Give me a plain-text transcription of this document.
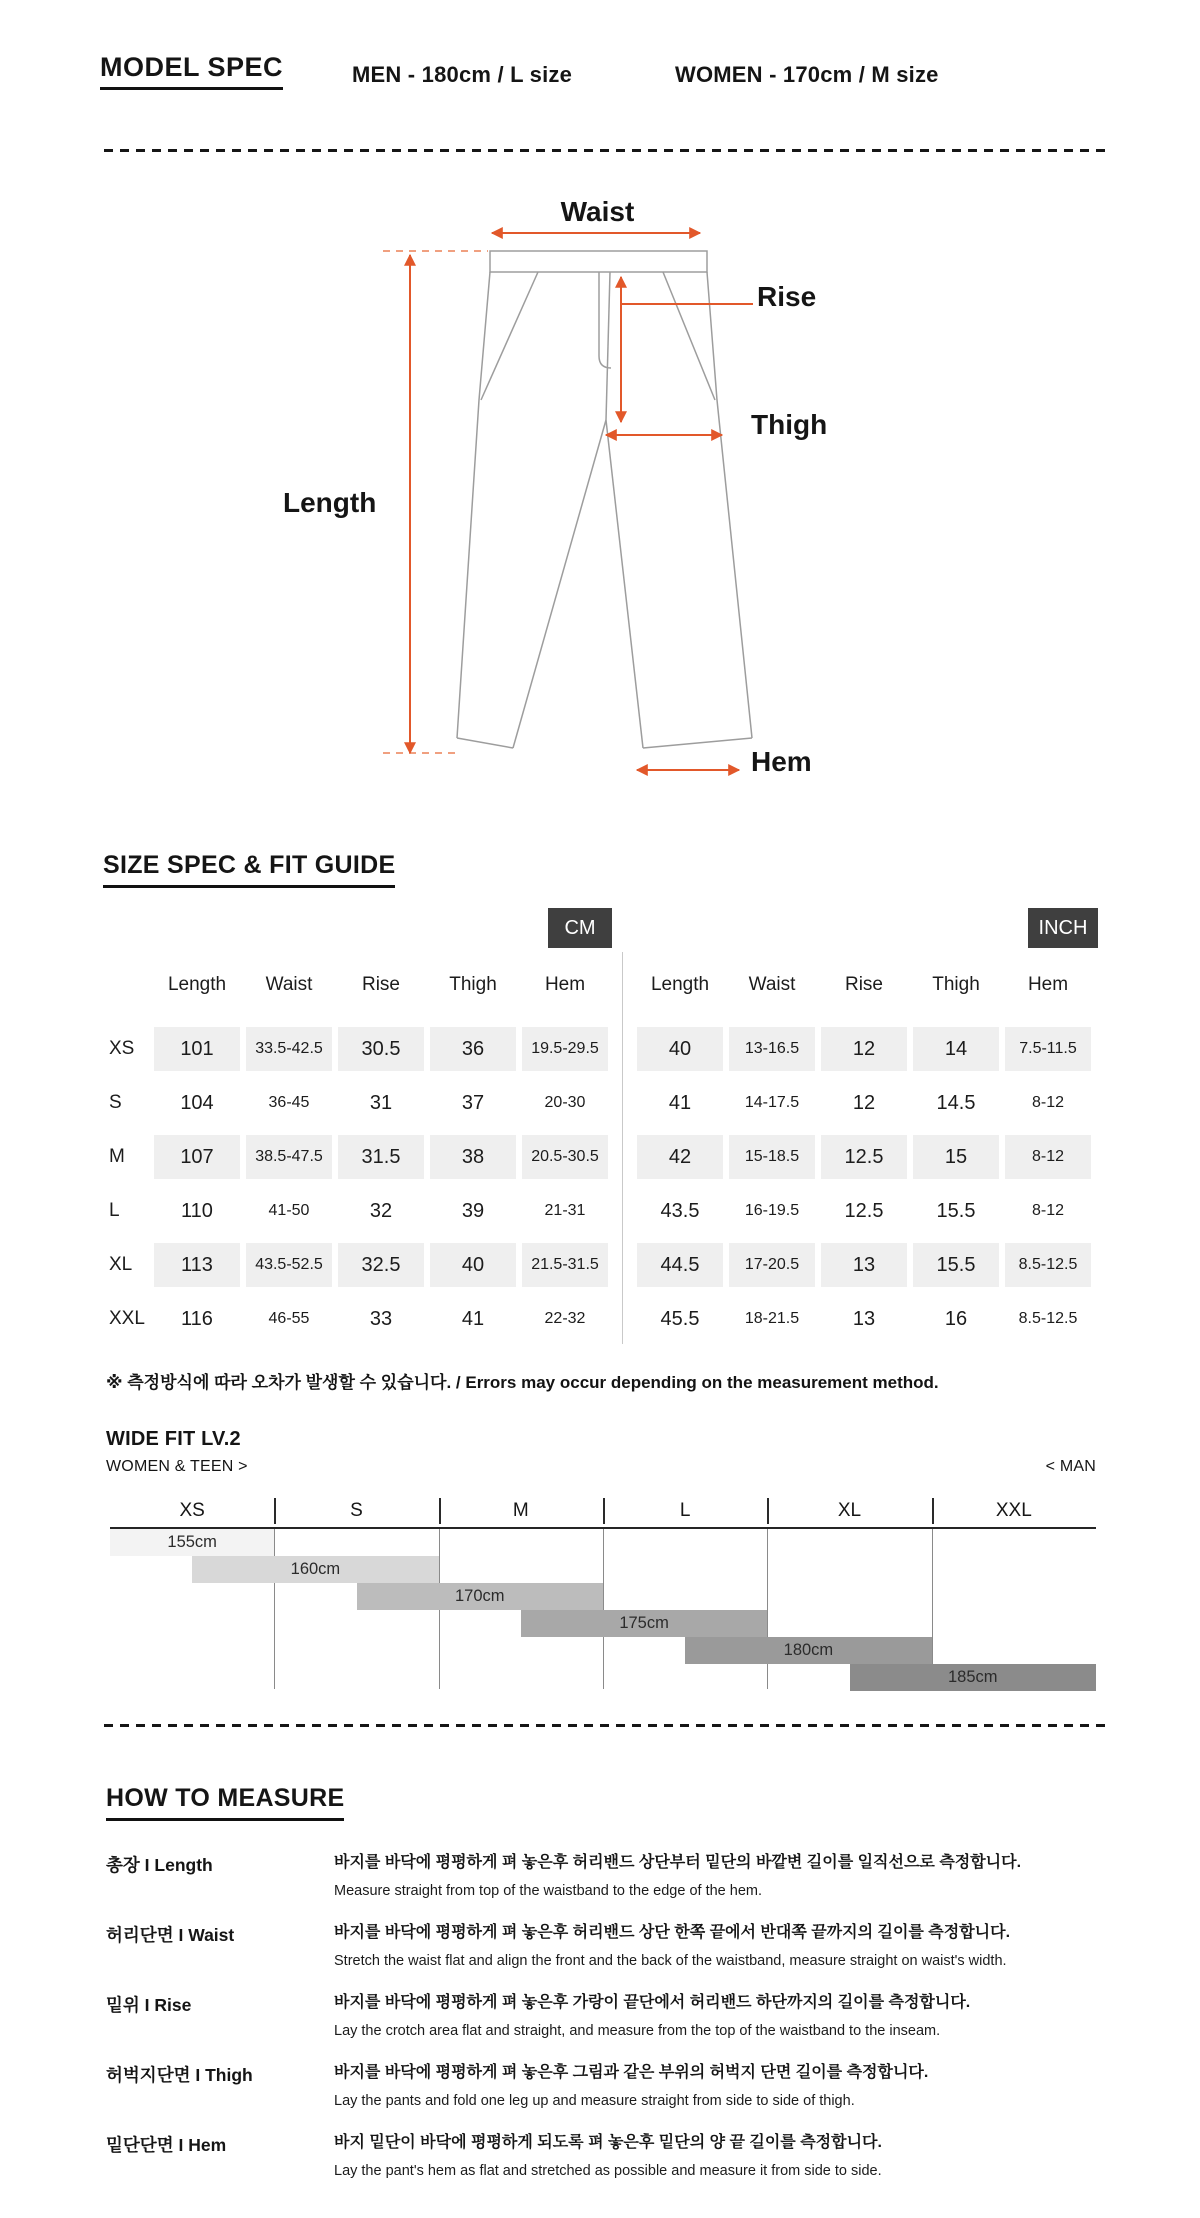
MODEL SPEC	MEN - 180cm / L size	WOMEN - 170cm / M size
Waist
Rise
Thigh
Length
Hem
SIZE SPEC & FIT GUIDE
CM	INCH
Length	Waist	Rise	Thigh	Hem
XS	101	33.5-42.5	30.5	36	19.5-29.5
S	104	36-45	31	37	20-30
M	107	38.5-47.5	31.5	38	20.5-30.5
L	110	41-50	32	39	21-31
XL	113	43.5-52.5	32.5	40	21.5-31.5
XXL	116	46-55	33	41	22-32
Length	Waist	Rise	Thigh	Hem
40	13-16.5	12	14	7.5-11.5
41	14-17.5	12	14.5	8-12
42	15-18.5	12.5	15	8-12
43.5	16-19.5	12.5	15.5	8-12
44.5	17-20.5	13	15.5	8.5-12.5
45.5	18-21.5	13	16	8.5-12.5
※ 측정방식에 따라 오차가 발생할 수 있습니다. / Errors may occur depending on the measurement method.
WIDE FIT LV.2
WOMEN & TEEN >	< MAN
XS	S	M	L	XL	XXL
155cm
160cm
170cm
175cm
180cm
185cm
HOW TO MEASURE
총장 I Length	바지를 바닥에 평평하게 펴 놓은후 허리밴드 상단부터 밑단의 바깥변 길이를 일직선으로 측정합니다.
Measure straight from top of the waistband to the edge of the hem.
허리단면 I Waist	바지를 바닥에 평평하게 펴 놓은후 허리밴드 상단 한쪽 끝에서 반대쪽 끝까지의 길이를 측정합니다.
Stretch the waist flat and align the front and the back of the waistband, measure straight on waist's width.
밑위 I Rise	바지를 바닥에 평평하게 펴 놓은후 가랑이 끝단에서 허리밴드 하단까지의 길이를 측정합니다.
Lay the crotch area flat and straight, and measure from the top of the waistband to the inseam.
허벅지단면 I Thigh	바지를 바닥에 평평하게 펴 놓은후 그림과 같은 부위의 허벅지 단면 길이를 측정합니다.
Lay the pants and fold one leg up and measure straight from side to side of thigh.
밑단단면 I Hem	바지 밑단이 바닥에 평평하게 되도록 펴 놓은후 밑단의 양 끝 길이를 측정합니다.
Lay the pant's hem as flat and stretched as possible and measure it from side to side.
